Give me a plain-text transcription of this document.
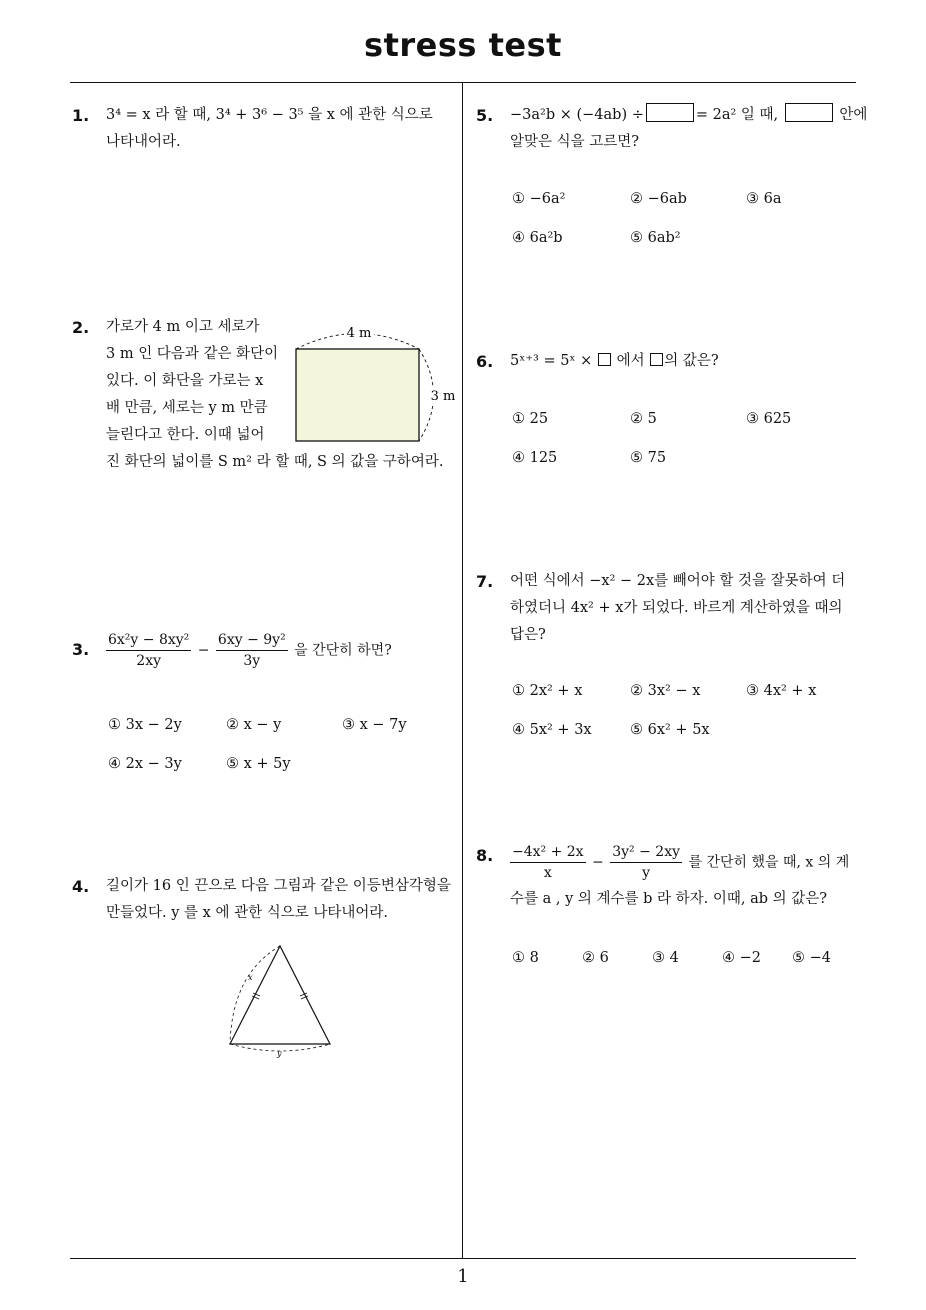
stress test
1
1. 3⁴ = x 라 할 때, 3⁴ + 3⁶ − 3⁵ 을 x 에 관한 식으로
나타내어라.
2. 가로가 4 m 이고 세로가
3 m 인 다음과 같은 화단이
있다. 이 화단을 가로는 x
배 만큼, 세로는 y m 만큼
늘린다고 한다. 이때 넓어
진 화단의 넓이를 S m² 라 할 때, S 의 값을 구하여라.
4 m
3 m
3. $\frac{\text{6x²y − 8xy²}}{2xy} - \frac{\text{6xy − 9y²}}{3y}$ 을 간단히 하면?
① 3x − 2y	② x − y	③ x − 7y
④ 2x − 3y	⑤ x + 5y
4. 길이가 16 인 끈으로 다음 그림과 같은 이등변삼각형을
만들었다. y 를 x 에 관한 식으로 나타내어라.
x
y
5. −3a²b × (−4ab) ÷	= 2a² 일 때,	안에
알맞은 식을 고르면?
① −6a²	② −6ab	③ 6a
④ 6a²b	⑤ 6ab²
6. 5ˣ⁺³ = 5ˣ × 에서 의 값은?
① 25	② 5	③ 625
④ 125	⑤ 75
7. 어떤 식에서 −x² − 2x를 빼어야 할 것을 잘못하여 더
하였더니 4x² + x가 되었다. 바르게 계산하였을 때의
답은?
① 2x² + x	② 3x² − x	③ 4x² + x
④ 5x² + 3x	⑤ 6x² + 5x
8. $\frac{\text{−4x² + 2x}}{x} - \frac{\text{3y² − 2xy}}{y}$ 를 간단히 했을 때, x 의 계
수를 a , y 의 계수를 b 라 하자. 이때, ab 의 값은?
① 8	② 6	③ 4	④ −2 ⑤ −4
